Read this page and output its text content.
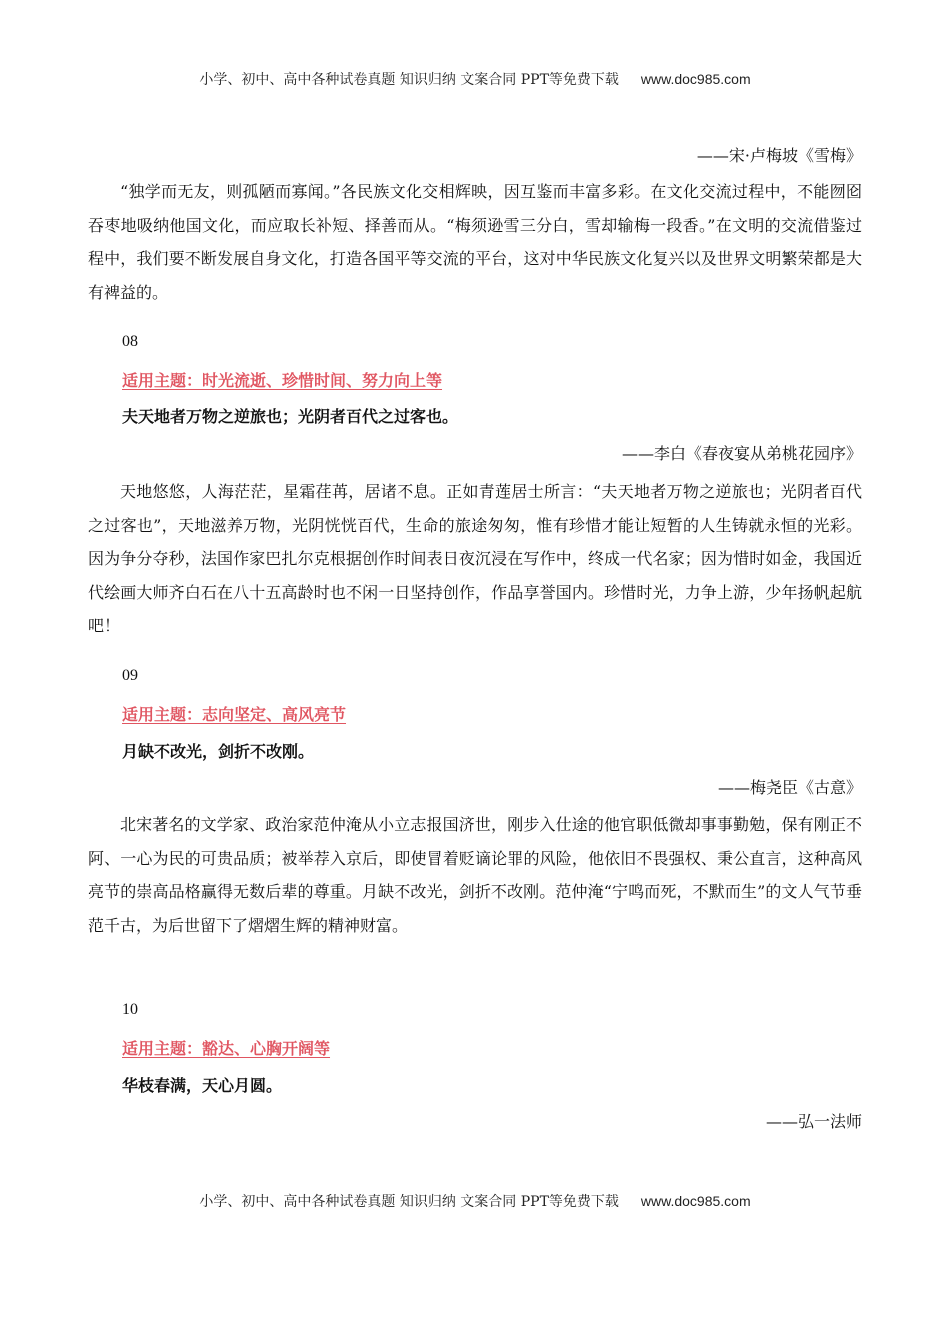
小学、初中、高中各种试卷真题 知识归纳 文案合同 PPT等免费下载 www.doc985.com
——宋·卢梅坡《雪梅》
“独学而无友，则孤陋而寡闻。”各民族文化交相辉映，因互鉴而丰富多彩。在文化交流过程中，不能囫囵吞枣地吸纳他国文化，而应取长补短、择善而从。“梅须逊雪三分白，雪却输梅一段香。”在文明的交流借鉴过程中，我们要不断发展自身文化，打造各国平等交流的平台，这对中华民族文化复兴以及世界文明繁荣都是大有裨益的。
08
适用主题：时光流逝、珍惜时间、努力向上等
夫天地者万物之逆旅也；光阴者百代之过客也。
——李白《春夜宴从弟桃花园序》
天地悠悠，人海茫茫，星霜荏苒，居诸不息。正如青莲居士所言：“夫天地者万物之逆旅也；光阴者百代之过客也”，天地滋养万物，光阴恍恍百代，生命的旅途匆匆，惟有珍惜才能让短暂的人生铸就永恒的光彩。因为争分夺秒，法国作家巴扎尔克根据创作时间表日夜沉浸在写作中，终成一代名家；因为惜时如金，我国近代绘画大师齐白石在八十五高龄时也不闲一日坚持创作，作品享誉国内。珍惜时光，力争上游，少年扬帆起航吧！
09
适用主题：志向坚定、高风亮节
月缺不改光，剑折不改刚。
——梅尧臣《古意》
北宋著名的文学家、政治家范仲淹从小立志报国济世，刚步入仕途的他官职低微却事事勤勉，保有刚正不阿、一心为民的可贵品质；被举荐入京后，即使冒着贬谪论罪的风险，他依旧不畏强权、秉公直言，这种高风亮节的崇高品格赢得无数后辈的尊重。月缺不改光，剑折不改刚。范仲淹“宁鸣而死，不默而生”的文人气节垂范千古，为后世留下了熠熠生辉的精神财富。
10
适用主题：豁达、心胸开阔等
华枝春满，天心月圆。
——弘一法师
小学、初中、高中各种试卷真题 知识归纳 文案合同 PPT等免费下载 www.doc985.com
